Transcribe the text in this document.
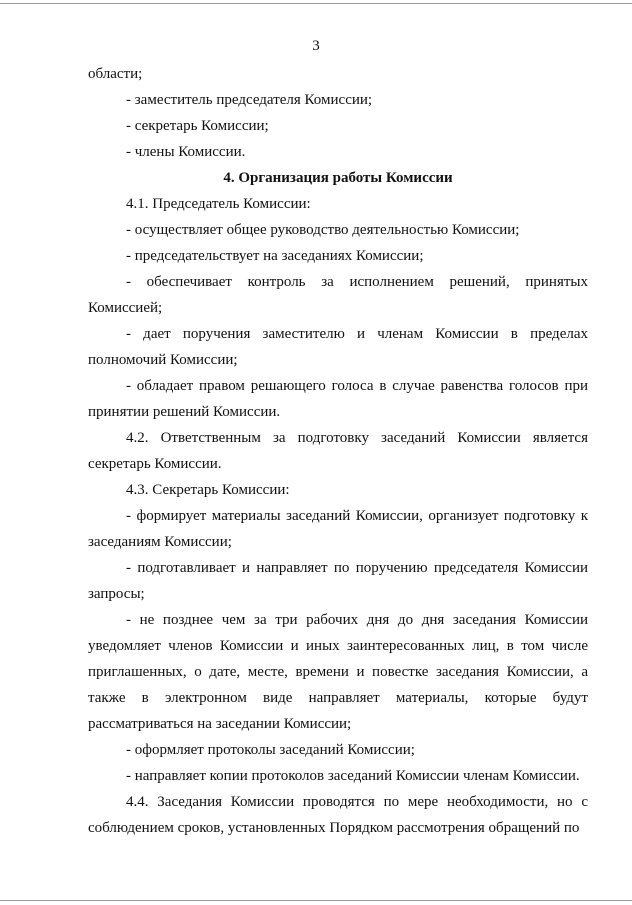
3

области;

- заместитель председателя Комиссии;

- секретарь Комиссии;

- члены Комиссии.

4. Организация работы Комиссии

4.1. Председатель Комиссии:

- осуществляет общее руководство деятельностью Комиссии;

- председательствует на заседаниях Комиссии;

- обеспечивает контроль за исполнением решений, принятых Комиссией;

- дает поручения заместителю и членам Комиссии в пределах полномочий Комиссии;

- обладает правом решающего голоса в случае равенства голосов при принятии решений Комиссии.

4.2. Ответственным за подготовку заседаний Комиссии является секретарь Комиссии.

4.3. Секретарь Комиссии:

- формирует материалы заседаний Комиссии, организует подготовку к заседаниям Комиссии;

- подготавливает и направляет по поручению председателя Комиссии запросы;

- не позднее чем за три рабочих дня до дня заседания Комиссии уведомляет членов Комиссии и иных заинтересованных лиц, в том числе приглашенных, о дате, месте, времени и повестке заседания Комиссии, а также в электронном виде направляет материалы, которые будут рассматриваться на заседании Комиссии;

- оформляет протоколы заседаний Комиссии;

- направляет копии протоколов заседаний Комиссии членам Комиссии.

4.4. Заседания Комиссии проводятся по мере необходимости, но с соблюдением сроков, установленных Порядком рассмотрения обращений по
